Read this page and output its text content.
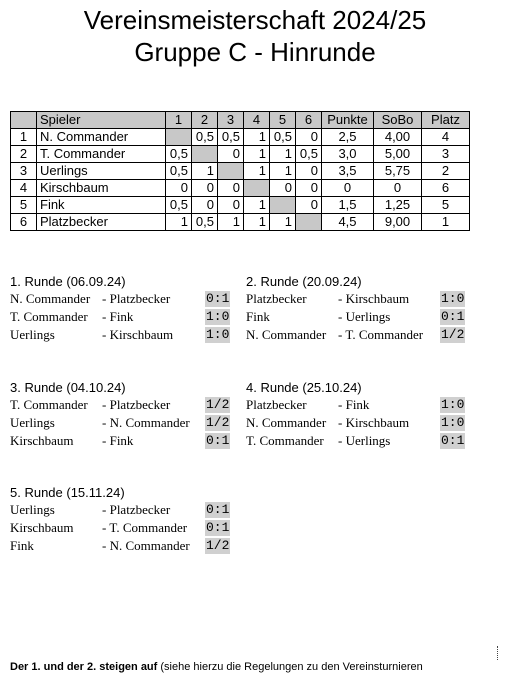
Vereinsmeisterschaft 2024/25
Gruppe C - Hinrunde
	Spieler	1	2	3	4	5	6	Punkte	SoBo	Platz
1	N. Commander		0,5	0,5	1	0,5	0	2,5	4,00	4
2	T. Commander	0,5		0	1	1	0,5	3,0	5,00	3
3	Uerlings	0,5	1		1	1	0	3,5	5,75	2
4	Kirschbaum	0	0	0		0	0	0	0	6
5	Fink	0,5	0	0	1		0	1,5	1,25	5
6	Platzbecker	1	0,5	1	1	1		4,5	9,00	1
1. Runde (06.09.24)
N. Commander - Platzbecker	0:1
T. Commander - Fink	1:0
Uerlings	- Kirschbaum	1:0
2. Runde (20.09.24)
Platzbecker - Kirschbaum 1:0
Fink	- Uerlings	0:1
N. Commander - T. Commander 1/2
3. Runde (04.10.24)
T. Commander - Platzbecker	1/2
Uerlings	- N. Commander 1/2
Kirschbaum - Fink	0:1
4. Runde (25.10.24)
Platzbecker - Fink	1:0
N. Commander - Kirschbaum 1:0
T. Commander - Uerlings	0:1
5. Runde (15.11.24)
Uerlings	- Platzbecker	0:1
Kirschbaum - T. Commander 0:1
Fink	- N. Commander 1/2
Der 1. und der 2. steigen auf (siehe hierzu die Regelungen zu den Vereinsturnieren
